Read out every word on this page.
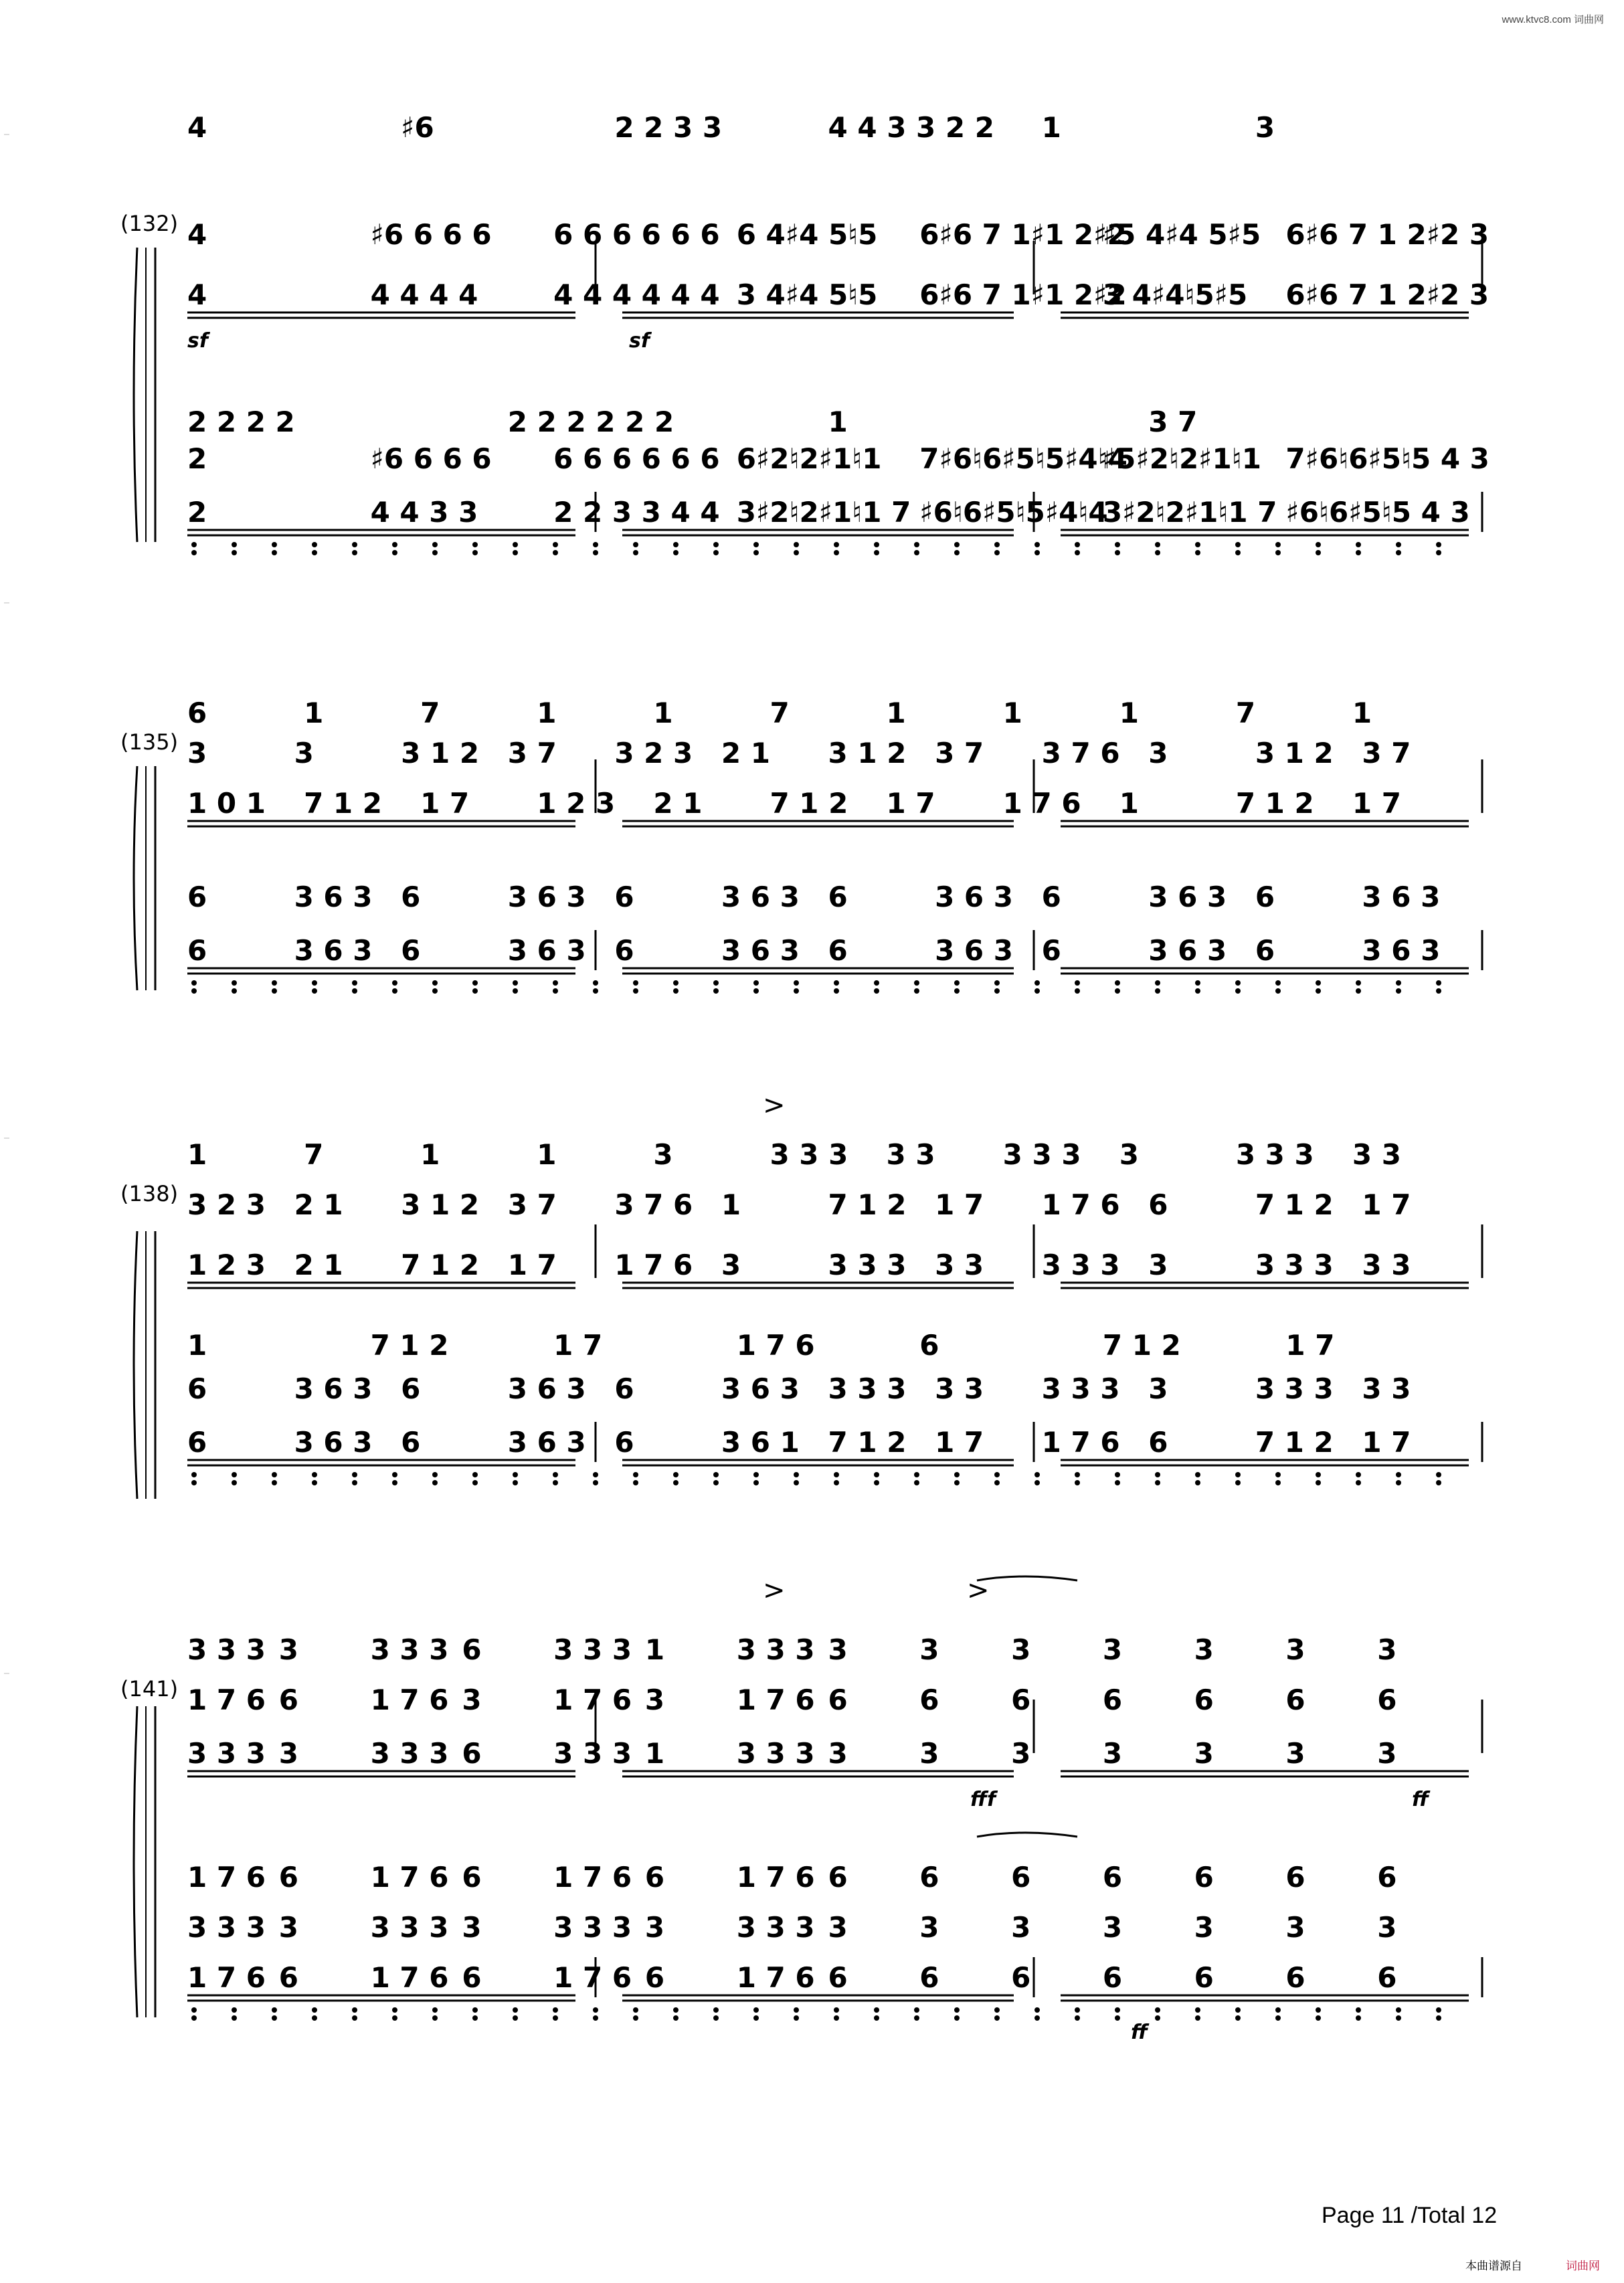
www.ktvc8.com 词曲网
(132)
4	♯6	2 2 3 3	4 4 3 3 2 2 1	3
4	♯6 6 6 6 6 6 6 6 6 6 6 4♯4 5♮5 6♯6 7 1♯1 2♯2
♯5 4♯4 5♯5 6♯6 7 1 2♯2 3
4	4 4 4 4	4 4 4 4 4 4 3 4♯4 5♮5 6♯6 7 1♯1 2♯2
3 4♯4♮5♯5 6♯6 7 1 2♯2 3
2 2 2 2	2 2 2 2 2 2	1	3 7
2	♯6 6 6 6 6 6 6 6 6 6 6♯2♮2♯1♮1 7♯6♮6♯5♮5♯4♮4
♯5♯2♮2♯1♮1 7♯6♮6♯5♮5 4 3
2	4 4 3 3	2 2 3 3 4 4 3♯2♮2♯1♮1 7 ♯6♮6♯5♮5♯4♮4
3♯2♮2♯1♮1 7 ♯6♮6♯5♮5 4 3
sf	sf
(135)
6	1	7	1	1	7	1	1	1	7	1
3	3	3 1 2 3 7 3 2 3 2 1 3 1 2 3 7 3 7 6 3	3 1 2 3 7
1 0 1 7 1 2 1 7 1 2 3 2 1 7 1 2 1 7 1 7 6 1	7 1 2 1 7
6	3 6 3 6	3 6 3 6	3 6 3 6	3 6 3 6	3 6 3 6	3 6 3
6	3 6 3 6	3 6 3 6	3 6 3 6	3 6 3 6	3 6 3 6	3 6 3
(138)
1	7	1	1	3	3 3 3 3 3 3 3 3 3	3 3 3 3 3
3 2 3 2 1 3 1 2 3 7 3 7 6 1	7 1 2 1 7 1 7 6 6	7 1 2 1 7
1 2 3 2 1 7 1 2 1 7 1 7 6 3	3 3 3 3 3 3 3 3 3	3 3 3 3 3
1	7 1 2	1 7	1 7 6	6	7 1 2	1 7
6	3 6 3 6	3 6 3 6	3 6 3 3 3 3 3 3 3 3 3 3	3 3 3 3 3
6	3 6 3 6	3 6 3 6	3 6 1 7 1 2 1 7 1 7 6 6	7 1 2 1 7
(141)
3 3 3 3	3 3 3 6	3 3 3 1	3 3 3 3	3	3	3	3	3	3
1 7 6 6	1 7 6 3	1 7 6 3	1 7 6 6	6	6	6	6	6	6
3 3 3 3	3 3 3 6	3 3 3 1	3 3 3 3	3	3	3	3	3	3
1 7 6 6	1 7 6 6	1 7 6 6	1 7 6 6	6	6	6	6	6	6
3 3 3 3	3 3 3 3	3 3 3 3	3 3 3 3	3	3	3	3	3	3
1 7 6 6	1 7 6 6	1 7 6 6	1 7 6 6	6	6	6	6	6	6
fff	ff
ff
>
>	>
Page 11 /Total 12
本曲谱源自	词曲网
